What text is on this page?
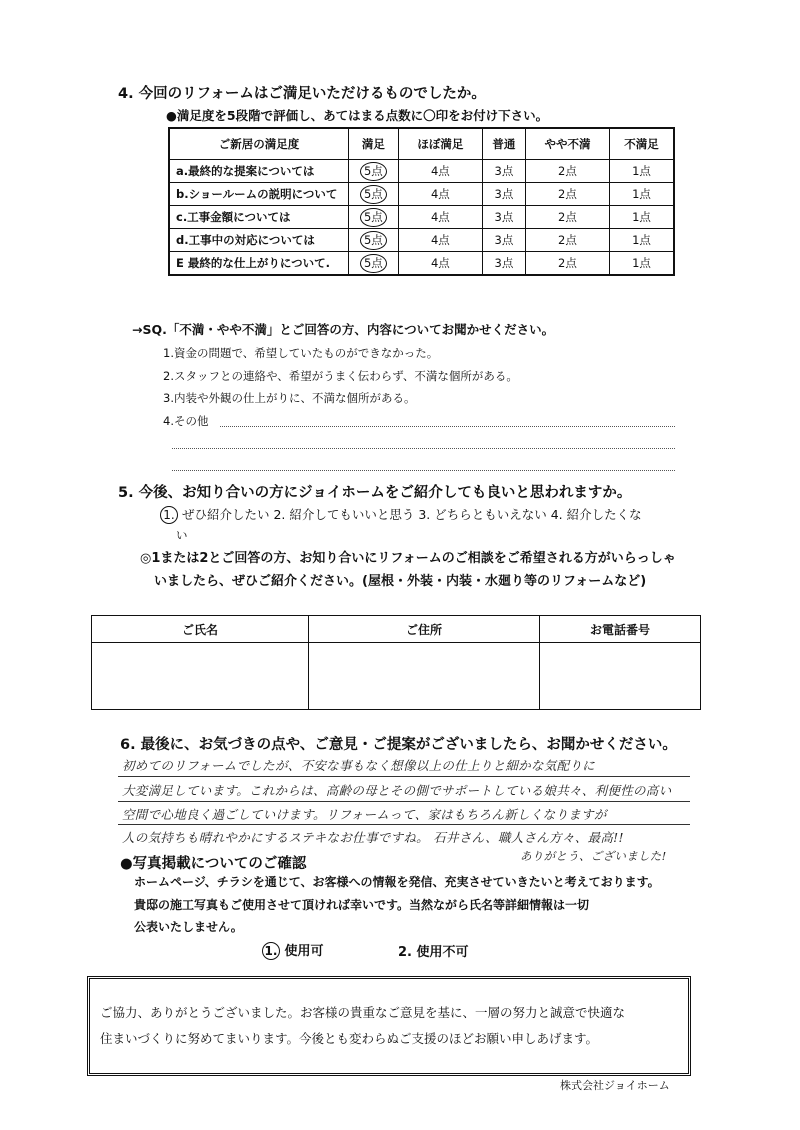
4. 今回のリフォームはご満足いただけるものでしたか。
●満足度を5段階で評価し、あてはまる点数に〇印をお付け下さい。
ご新居の満足度	満足	ほぼ満足	普通	やや不満	不満足
a.最終的な提案については	5点	4点	3点	2点	1点
b.ショールームの説明について	5点	4点	3点	2点	1点
c.工事金額については	5点	4点	3点	2点	1点
d.工事中の対応については	5点	4点	3点	2点	1点
E 最終的な仕上がりについて.	5点	4点	3点	2点	1点
→SQ.「不満・やや不満」とご回答の方、内容についてお聞かせください。
1.資金の問題で、希望していたものができなかった。
2.スタッフとの連絡や、希望がうまく伝わらず、不満な個所がある。
3.内装や外観の仕上がりに、不満な個所がある。
4.その他
5. 今後、お知り合いの方にジョイホームをご紹介しても良いと思われますか。
1. ぜひ紹介したい 2. 紹介してもいいと思う 3. どちらともいえない 4. 紹介したくな
い
◎1または2とご回答の方、お知り合いにリフォームのご相談をご希望される方がいらっしゃ
いましたら、ぜひご紹介ください。(屋根・外装・内装・水廻り等のリフォームなど)
ご氏名	ご住所	お電話番号

6. 最後に、お気づきの点や、ご意見・ご提案がございましたら、お聞かせください。
初めてのリフォームでしたが、不安な事もなく想像以上の仕上りと細かな気配りに
大変満足しています。これからは、高齢の母とその側でサポートしている娘共々、利便性の高い
空間で心地良く過ごしていけます。リフォームって、家はもちろん新しくなりますが
人の気持ちも晴れやかにするステキなお仕事ですね。 石井さん、職人さん方々、最高!!
ありがとう、ございました!
●写真掲載についてのご確認
ホームページ、チラシを通じて、お客様への情報を発信、充実させていきたいと考えております。
貴邸の施工写真もご使用させて頂ければ幸いです。当然ながら氏名等詳細情報は一切
公表いたしません。
1. 使用可	2. 使用不可
ご協力、ありがとうございました。お客様の貴重なご意見を基に、一層の努力と誠意で快適な
住まいづくりに努めてまいります。今後とも変わらぬご支援のほどお願い申しあげます。
株式会社ジョイホーム
